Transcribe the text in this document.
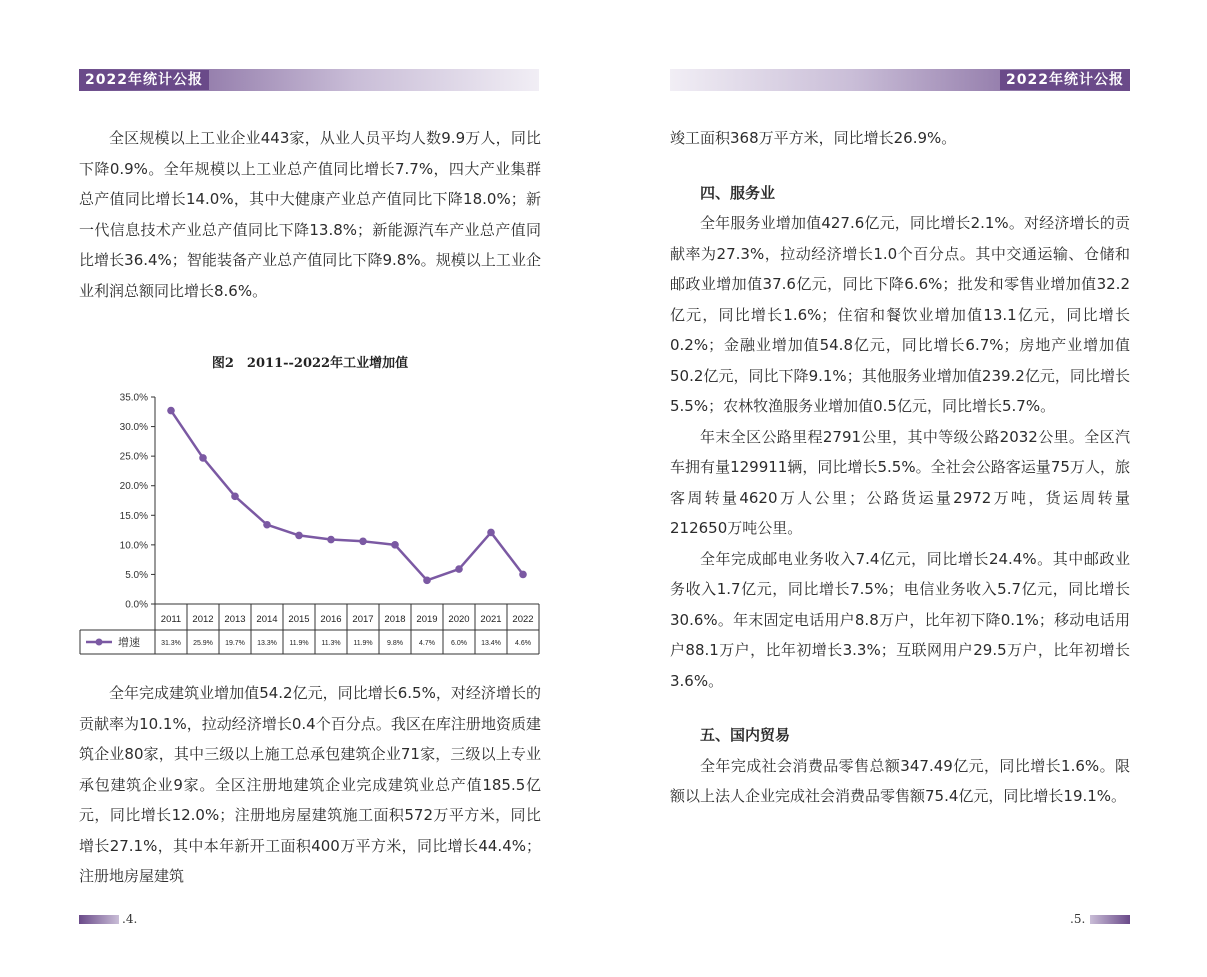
2022年统计公报	2022年统计公报

全区规模以上工业企业443家，从业人员平均人数9.9万人，同比下降0.9%。全年规模以上工业总产值同比增长7.7%，四大产业集群总产值同比增长14.0%，其中大健康产业总产值同比下降18.0%；新一代信息技术产业总产值同比下降13.8%；新能源汽车产业总产值同比增长36.4%；智能装备产业总产值同比下降9.8%。规模以上工业企业利润总额同比增长8.6%。

图2　2011--2022年工业增加值
0.0%
5.0%
10.0%
15.0%
20.0%
25.0%
30.0%
35.0%
2011 2012 2013 2014 2015 2016 2017 2018 2019 2020 2021 2022
31.3% 25.9% 19.7% 13.3% 11.9% 11.3% 11.9% 9.8% 4.7% 6.0% 13.4% 4.6%
增速

全年完成建筑业增加值54.2亿元，同比增长6.5%，对经济增长的贡献率为10.1%，拉动经济增长0.4个百分点。我区在库注册地资质建筑企业80家，其中三级以上施工总承包建筑企业71家，三级以上专业承包建筑企业9家。全区注册地建筑企业完成建筑业总产值185.5亿元，同比增长12.0%；注册地房屋建筑施工面积572万平方米，同比增长27.1%，其中本年新开工面积400万平方米，同比增长44.4%；注册地房屋建筑

竣工面积368万平方米，同比增长26.9%。

四、服务业

全年服务业增加值427.6亿元，同比增长2.1%。对经济增长的贡献率为27.3%，拉动经济增长1.0个百分点。其中交通运输、仓储和邮政业增加值37.6亿元，同比下降6.6%；批发和零售业增加值32.2亿元，同比增长1.6%；住宿和餐饮业增加值13.1亿元，同比增长0.2%；金融业增加值54.8亿元，同比增长6.7%；房地产业增加值50.2亿元，同比下降9.1%；其他服务业增加值239.2亿元，同比增长5.5%；农林牧渔服务业增加值0.5亿元，同比增长5.7%。

年末全区公路里程2791公里，其中等级公路2032公里。全区汽车拥有量129911辆，同比增长5.5%。全社会公路客运量75万人，旅客周转量4620万人公里；公路货运量2972万吨，货运周转量212650万吨公里。

全年完成邮电业务收入7.4亿元，同比增长24.4%。其中邮政业务收入1.7亿元，同比增长7.5%；电信业务收入5.7亿元，同比增长30.6%。年末固定电话用户8.8万户，比年初下降0.1%；移动电话用户88.1万户，比年初增长3.3%；互联网用户29.5万户，比年初增长3.6%。

五、国内贸易

全年完成社会消费品零售总额347.49亿元，同比增长1.6%。限额以上法人企业完成社会消费品零售额75.4亿元，同比增长19.1%。

.4.	.5.
